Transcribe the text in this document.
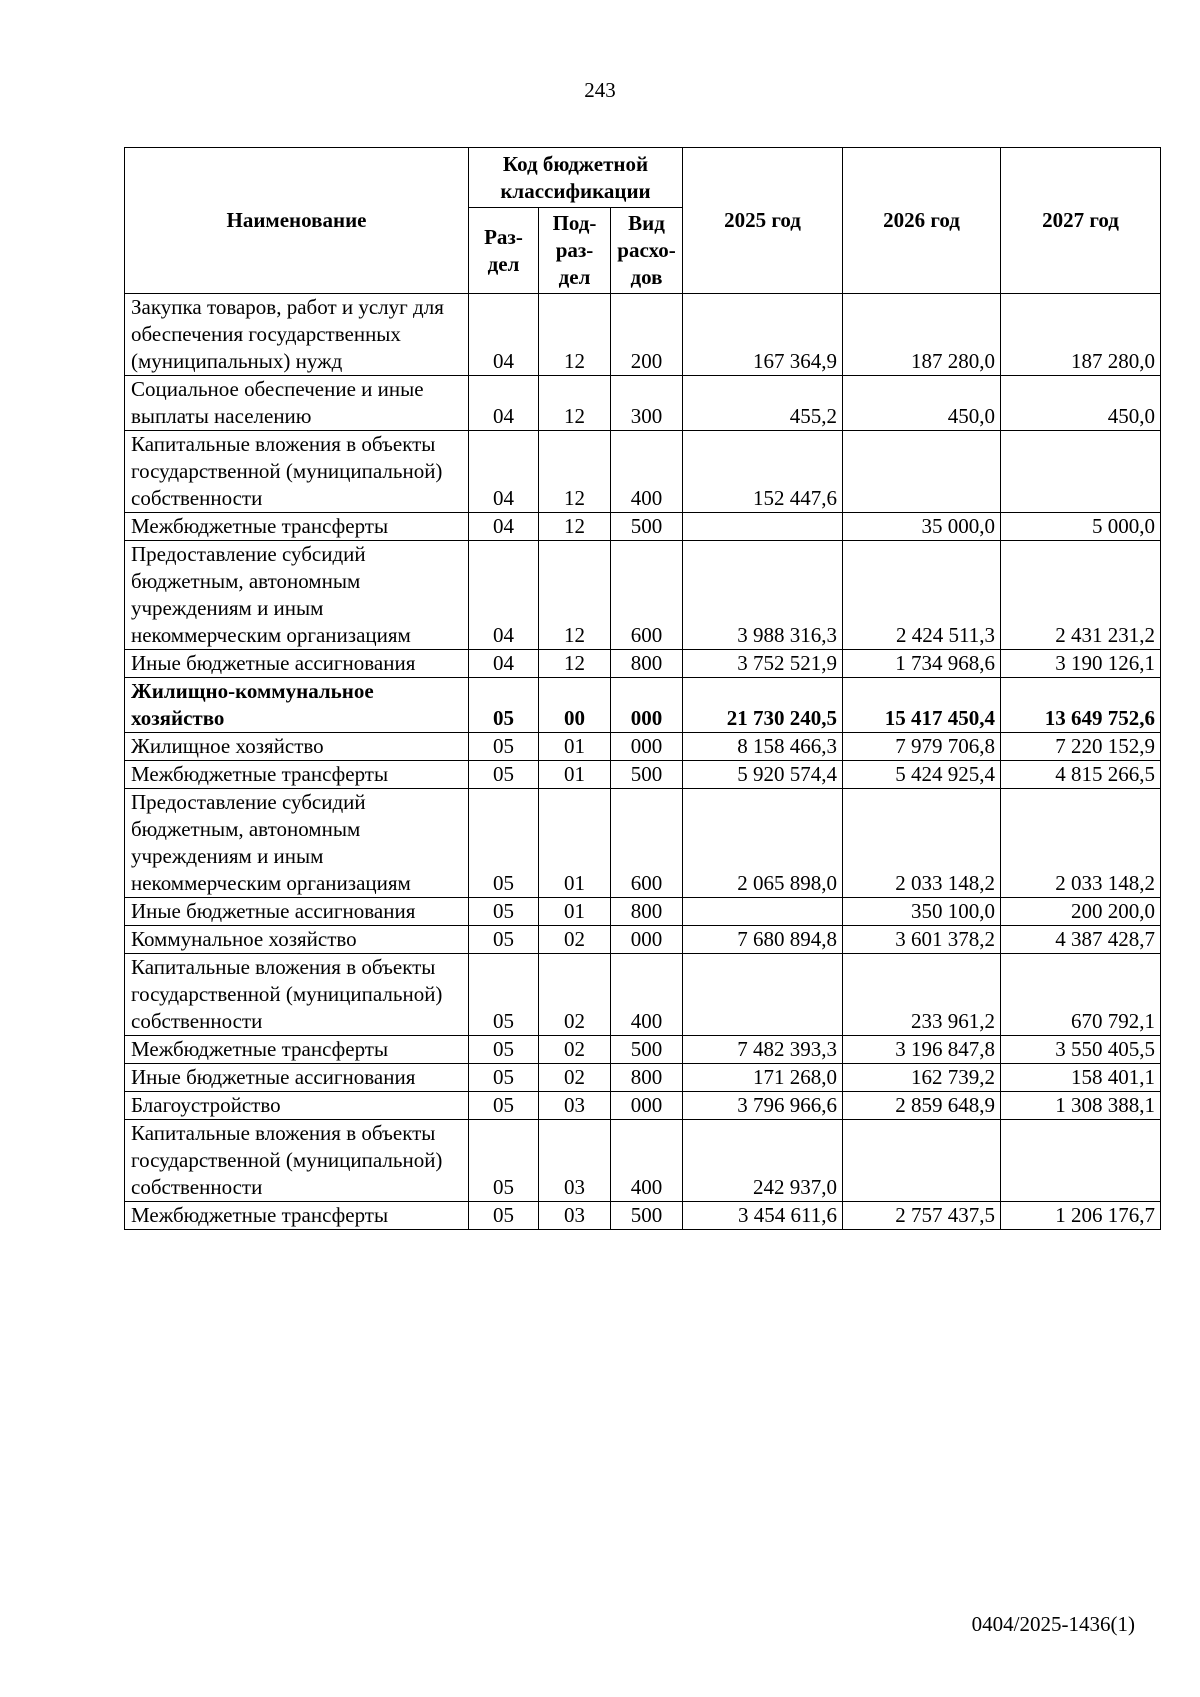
243
Наименование	Код бюджетной классификации			2025 год	2026 год	2027 год
	Раз- дел	Под- раз- дел	Вид расхо- дов			
Закупка товаров, работ и услуг для обеспечения государственных (муниципальных) нужд	04	12	200	167 364,9	187 280,0	187 280,0
Социальное обеспечение и иные выплаты населению	04	12	300	455,2	450,0	450,0
Капитальные вложения в объекты государственной (муниципальной) собственности	04	12	400	152 447,6		
Межбюджетные трансферты	04	12	500		35 000,0	5 000,0
Предоставление субсидий бюджетным, автономным учреждениям и иным некоммерческим организациям	04	12	600	3 988 316,3	2 424 511,3	2 431 231,2
Иные бюджетные ассигнования	04	12	800	3 752 521,9	1 734 968,6	3 190 126,1
Жилищно-коммунальное хозяйство	05	00	000	21 730 240,5	15 417 450,4	13 649 752,6
Жилищное хозяйство	05	01	000	8 158 466,3	7 979 706,8	7 220 152,9
Межбюджетные трансферты	05	01	500	5 920 574,4	5 424 925,4	4 815 266,5
Предоставление субсидий бюджетным, автономным учреждениям и иным некоммерческим организациям	05	01	600	2 065 898,0	2 033 148,2	2 033 148,2
Иные бюджетные ассигнования	05	01	800		350 100,0	200 200,0
Коммунальное хозяйство	05	02	000	7 680 894,8	3 601 378,2	4 387 428,7
Капитальные вложения в объекты государственной (муниципальной) собственности	05	02	400		233 961,2	670 792,1
Межбюджетные трансферты	05	02	500	7 482 393,3	3 196 847,8	3 550 405,5
Иные бюджетные ассигнования	05	02	800	171 268,0	162 739,2	158 401,1
Благоустройство	05	03	000	3 796 966,6	2 859 648,9	1 308 388,1
Капитальные вложения в объекты государственной (муниципальной) собственности	05	03	400	242 937,0		
Межбюджетные трансферты	05	03	500	3 454 611,6	2 757 437,5	1 206 176,7
0404/2025-1436(1)
